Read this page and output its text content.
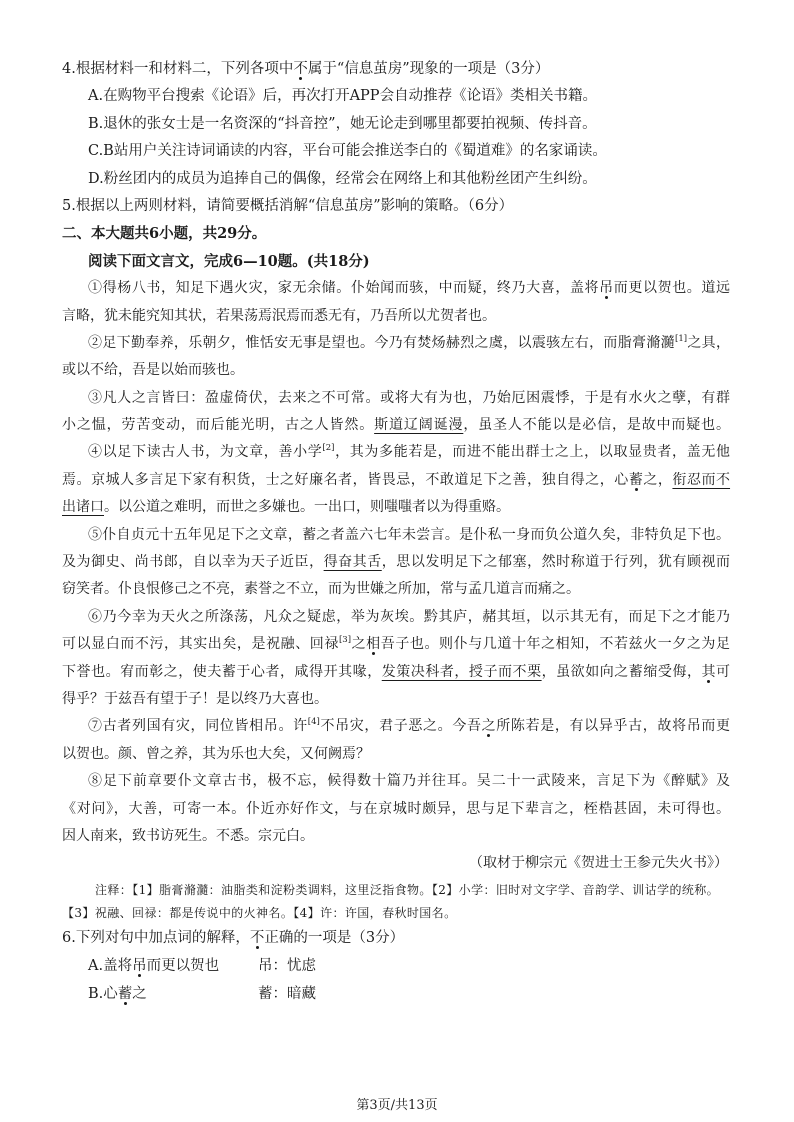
4.根据材料一和材料二，下列各项中不属于“信息茧房”现象的一项是（3分）
A.在购物平台搜索《论语》后，再次打开APP会自动推荐《论语》类相关书籍。
B.退休的张女士是一名资深的“抖音控”，她无论走到哪里都要拍视频、传抖音。
C.B站用户关注诗词诵读的内容，平台可能会推送李白的《蜀道难》的名家诵读。
D.粉丝团内的成员为追捧自己的偶像，经常会在网络上和其他粉丝团产生纠纷。
5.根据以上两则材料，请简要概括消解“信息茧房”影响的策略。（6分）
二、本大题共6小题，共29分。
阅读下面文言文，完成6—10题。(共18分)
①得杨八书，知足下遇火灾，家无余储。仆始闻而骇，中而疑，终乃大喜，盖将吊而更以贺也。道远
言略，犹未能究知其状，若果荡焉泯焉而悉无有，乃吾所以尤贺者也。
②足下勤奉养，乐朝夕，惟恬安无事是望也。今乃有焚炀赫烈之虞，以震骇左右，而脂膏滫瀡[1]之具，
或以不给，吾是以始而骇也。
③凡人之言皆曰：盈虚倚伏，去来之不可常。或将大有为也，乃始厄困震悸，于是有水火之孽，有群
小之愠，劳苦变动，而后能光明，古之人皆然。斯道辽阔诞漫，虽圣人不能以是必信，是故中而疑也。
④以足下读古人书，为文章，善小学[2]，其为多能若是，而进不能出群士之上，以取显贵者，盖无他
焉。京城人多言足下家有积货，士之好廉名者，皆畏忌，不敢道足下之善，独自得之，心蓄之，衔忍而不
出诸口。以公道之难明，而世之多嫌也。一出口，则嗤嗤者以为得重赂。
⑤仆自贞元十五年见足下之文章，蓄之者盖六七年未尝言。是仆私一身而负公道久矣，非特负足下也。
及为御史、尚书郎，自以幸为天子近臣，得奋其舌，思以发明足下之郁塞，然时称道于行列，犹有顾视而
窃笑者。仆良恨修己之不亮，素誉之不立，而为世嫌之所加，常与孟几道言而痛之。
⑥乃今幸为天火之所涤荡，凡众之疑虑，举为灰埃。黔其庐，赭其垣，以示其无有，而足下之才能乃
可以显白而不污，其实出矣，是祝融、回禄[3]之相吾子也。则仆与几道十年之相知，不若兹火一夕之为足
下誉也。宥而彰之，使夫蓄于心者，咸得开其喙，发策决科者，授子而不栗，虽欲如向之蓄缩受侮，其可
得乎？于兹吾有望于子！是以终乃大喜也。
⑦古者列国有灾，同位皆相吊。许[4]不吊灾，君子恶之。今吾之所陈若是，有以异乎古，故将吊而更
以贺也。颜、曾之养，其为乐也大矣，又何阙焉？
⑧足下前章要仆文章古书，极不忘，候得数十篇乃并往耳。吴二十一武陵来，言足下为《醉赋》及
《对问》，大善，可寄一本。仆近亦好作文，与在京城时颇异，思与足下辈言之，桎梏甚固，未可得也。
因人南来，致书访死生。不悉。宗元白。
（取材于柳宗元《贺进士王参元失火书》）
注释：【1】脂膏滫瀡：油脂类和淀粉类调料，这里泛指食物。【2】小学：旧时对文字学、音韵学、训诂学的统称。
【3】祝融、回禄：都是传说中的火神名。【4】许：许国，春秋时国名。
6.下列对句中加点词的解释，不正确的一项是（3分）
A.盖将吊而更以贺也	吊：忧虑
B.心蓄之	蓄：暗藏
第3页/共13页
